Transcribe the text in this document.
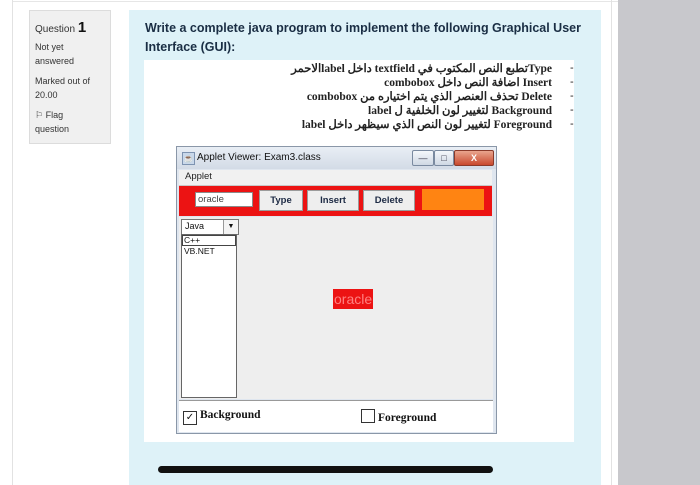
Question 1
Not yet
answered
Marked out of
20.00
⚐ Flag
question
Write a complete java program to implement the following Graphical User Interface (GUI):
Typeتطبع النص المكتوب في textfield داخل labelالاحمر -
Insert اضافة النص داخل combobox -
Delete تحذف العنصر الذي يتم اختياره من combobox -
Background لتغيير لون الخلفية ل label -
Foreground لتغيير لون النص الذي سيظهر داخل label -
☕ Applet Viewer: Exam3.class	—	□	X
Applet
oracle
Type	Insert	Delete
Java	▼
C++
VB.NET
oracle
✓ Background	Foreground
